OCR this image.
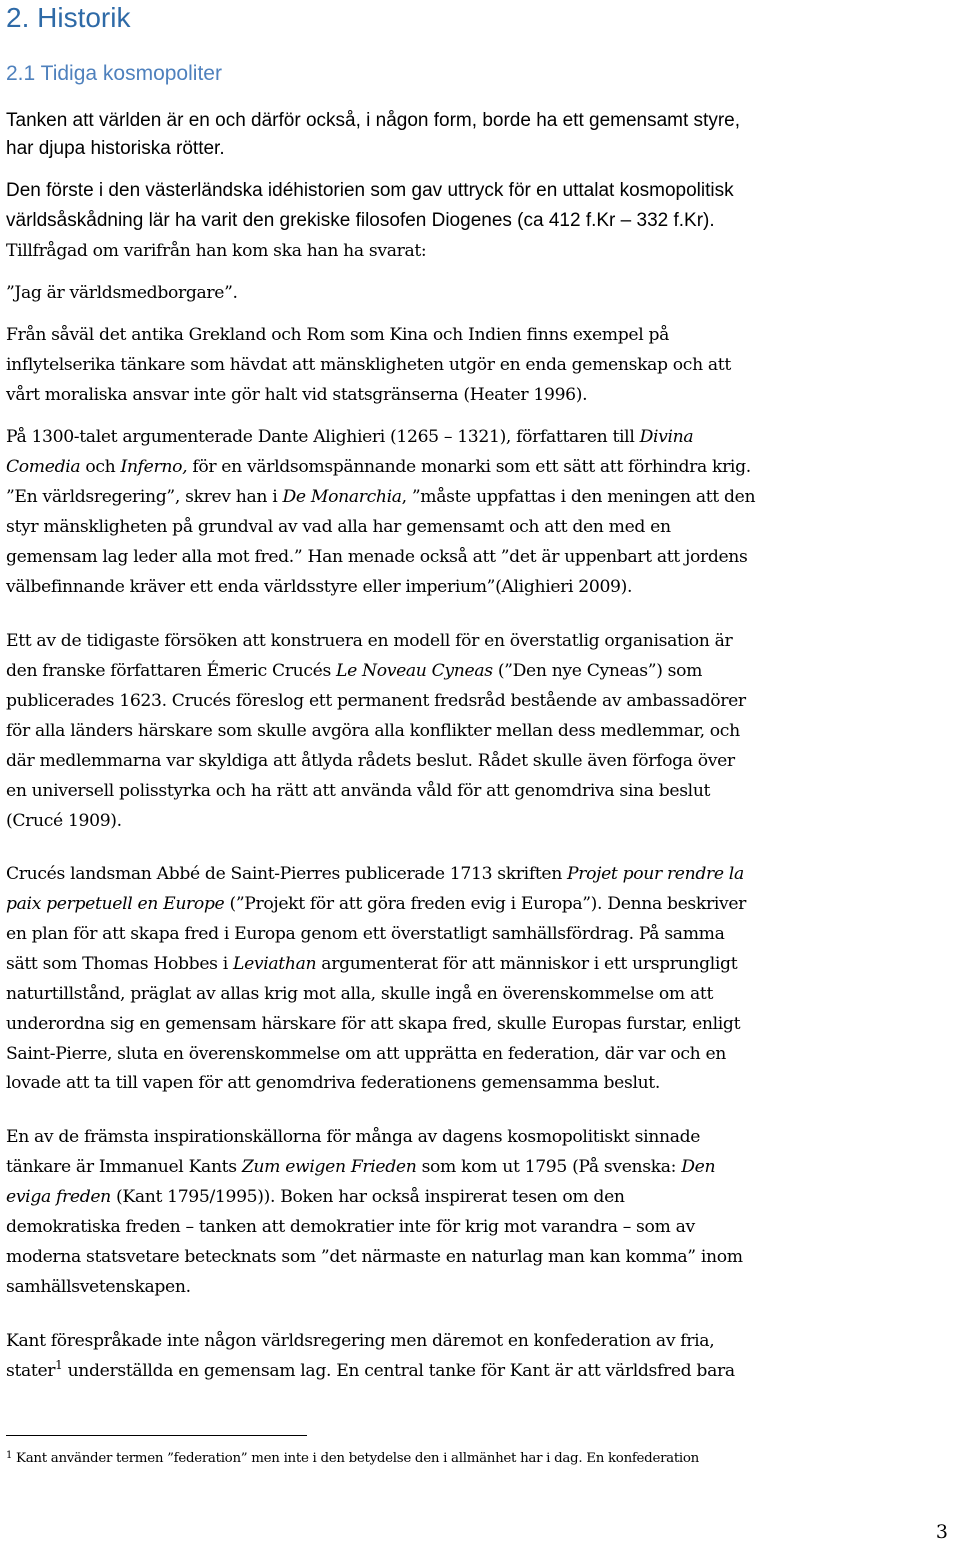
2. Historik
2.1 Tidiga kosmopoliter

Tanken att världen är en och därför också, i någon form, borde ha ett gemensamt styre,

har djupa historiska rötter.

Den förste i den västerländska idéhistorien som gav uttryck för en uttalat kosmopolitisk

världsåskådning lär ha varit den grekiske filosofen Diogenes (ca 412 f.Kr – 332 f.Kr).

Tillfrågad om varifrån han kom ska han ha svarat:

”Jag är världsmedborgare”.

Från såväl det antika Grekland och Rom som Kina och Indien finns exempel på

inflytelserika tänkare som hävdat att mänskligheten utgör en enda gemenskap och att

vårt moraliska ansvar inte gör halt vid statsgränserna (Heater 1996).

På 1300-talet argumenterade Dante Alighieri (1265 – 1321), författaren till Divina

Comedia och Inferno, för en världsomspännande monarki som ett sätt att förhindra krig.

”En världsregering”, skrev han i De Monarchia, ”måste uppfattas i den meningen att den

styr mänskligheten på grundval av vad alla har gemensamt och att den med en

gemensam lag leder alla mot fred.” Han menade också att ”det är uppenbart att jordens

välbefinnande kräver ett enda världsstyre eller imperium”(Alighieri 2009).

Ett av de tidigaste försöken att konstruera en modell för en överstatlig organisation är

den franske författaren Émeric Crucés Le Noveau Cyneas (”Den nye Cyneas”) som

publicerades 1623. Crucés föreslog ett permanent fredsråd bestående av ambassadörer

för alla länders härskare som skulle avgöra alla konflikter mellan dess medlemmar, och

där medlemmarna var skyldiga att åtlyda rådets beslut. Rådet skulle även förfoga över

en universell polisstyrka och ha rätt att använda våld för att genomdriva sina beslut

(Crucé 1909).

Crucés landsman Abbé de Saint-Pierres publicerade 1713 skriften Projet pour rendre la

paix perpetuell en Europe (”Projekt för att göra freden evig i Europa”). Denna beskriver

en plan för att skapa fred i Europa genom ett överstatligt samhällsfördrag. På samma

sätt som Thomas Hobbes i Leviathan argumenterat för att människor i ett ursprungligt

naturtillstånd, präglat av allas krig mot alla, skulle ingå en överenskommelse om att

underordna sig en gemensam härskare för att skapa fred, skulle Europas furstar, enligt

Saint-Pierre, sluta en överenskommelse om att upprätta en federation, där var och en

lovade att ta till vapen för att genomdriva federationens gemensamma beslut.

En av de främsta inspirationskällorna för många av dagens kosmopolitiskt sinnade

tänkare är Immanuel Kants Zum ewigen Frieden som kom ut 1795 (På svenska: Den

eviga freden (Kant 1795/1995)). Boken har också inspirerat tesen om den

demokratiska freden – tanken att demokratier inte för krig mot varandra – som av

moderna statsvetare betecknats som ”det närmaste en naturlag man kan komma” inom

samhällsvetenskapen.

Kant förespråkade inte någon världsregering men däremot en konfederation av fria,

stater$^1$ underställda en gemensam lag. En central tanke för Kant är att världsfred bara

$^1$ Kant använder termen ”federation” men inte i den betydelse den i allmänhet har i dag. En konfederation

3
